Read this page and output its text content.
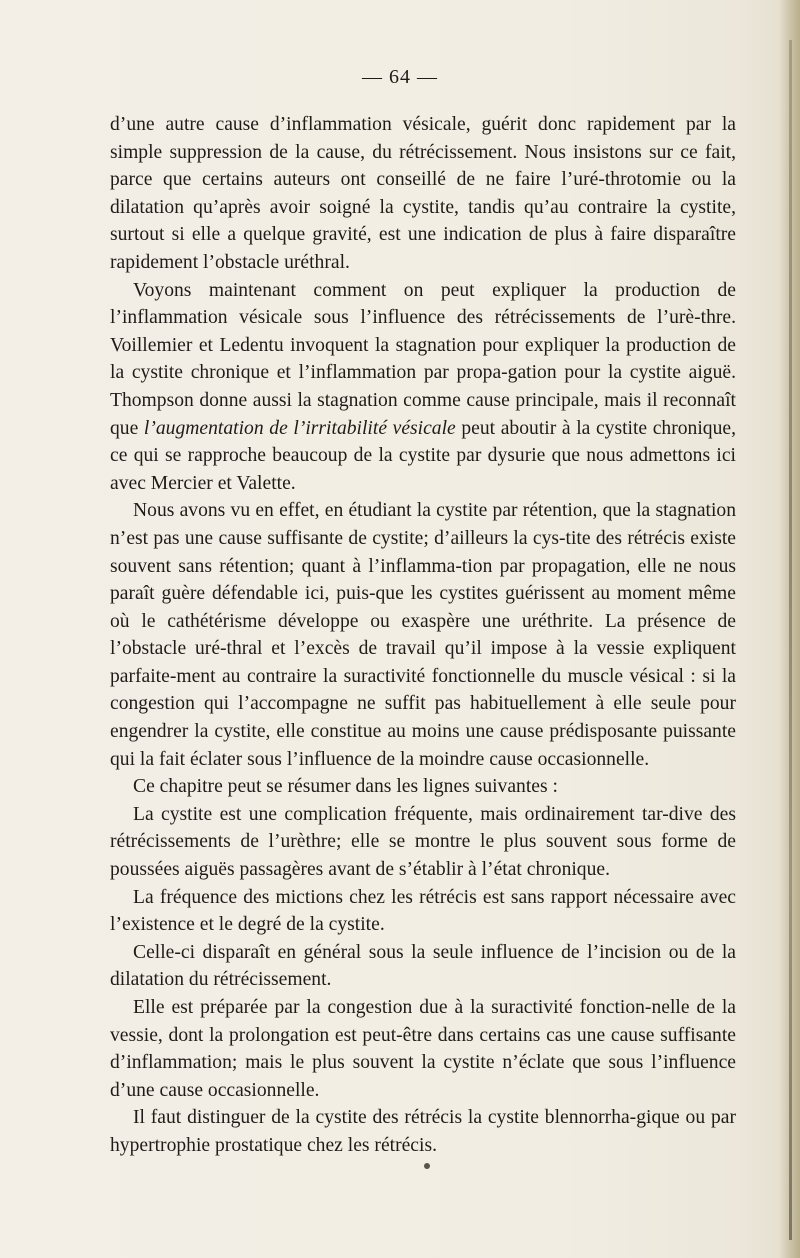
— 64 —

d’une autre cause d’inflammation vésicale, guérit donc rapidement par la simple suppression de la cause, du rétrécissement. Nous insistons sur ce fait, parce que certains auteurs ont conseillé de ne faire l’uré-throtomie ou la dilatation qu’après avoir soigné la cystite, tandis qu’au contraire la cystite, surtout si elle a quelque gravité, est une indication de plus à faire disparaître rapidement l’obstacle uréthral.

Voyons maintenant comment on peut expliquer la production de l’inflammation vésicale sous l’influence des rétrécissements de l’urè-thre. Voillemier et Ledentu invoquent la stagnation pour expliquer la production de la cystite chronique et l’inflammation par propa-gation pour la cystite aiguë. Thompson donne aussi la stagnation comme cause principale, mais il reconnaît que l’augmentation de l’irritabilité vésicale peut aboutir à la cystite chronique, ce qui se rapproche beaucoup de la cystite par dysurie que nous admettons ici avec Mercier et Valette.

Nous avons vu en effet, en étudiant la cystite par rétention, que la stagnation n’est pas une cause suffisante de cystite; d’ailleurs la cys-tite des rétrécis existe souvent sans rétention; quant à l’inflamma-tion par propagation, elle ne nous paraît guère défendable ici, puis-que les cystites guérissent au moment même où le cathétérisme développe ou exaspère une uréthrite. La présence de l’obstacle uré-thral et l’excès de travail qu’il impose à la vessie expliquent parfaite-ment au contraire la suractivité fonctionnelle du muscle vésical : si la congestion qui l’accompagne ne suffit pas habituellement à elle seule pour engendrer la cystite, elle constitue au moins une cause prédisposante puissante qui la fait éclater sous l’influence de la moindre cause occasionnelle.

Ce chapitre peut se résumer dans les lignes suivantes :

La cystite est une complication fréquente, mais ordinairement tar-dive des rétrécissements de l’urèthre; elle se montre le plus souvent sous forme de poussées aiguës passagères avant de s’établir à l’état chronique.

La fréquence des mictions chez les rétrécis est sans rapport nécessaire avec l’existence et le degré de la cystite.

Celle-ci disparaît en général sous la seule influence de l’incision ou de la dilatation du rétrécissement.

Elle est préparée par la congestion due à la suractivité fonction-nelle de la vessie, dont la prolongation est peut-être dans certains cas une cause suffisante d’inflammation; mais le plus souvent la cystite n’éclate que sous l’influence d’une cause occasionnelle.

Il faut distinguer de la cystite des rétrécis la cystite blennorrha-gique ou par hypertrophie prostatique chez les rétrécis.
